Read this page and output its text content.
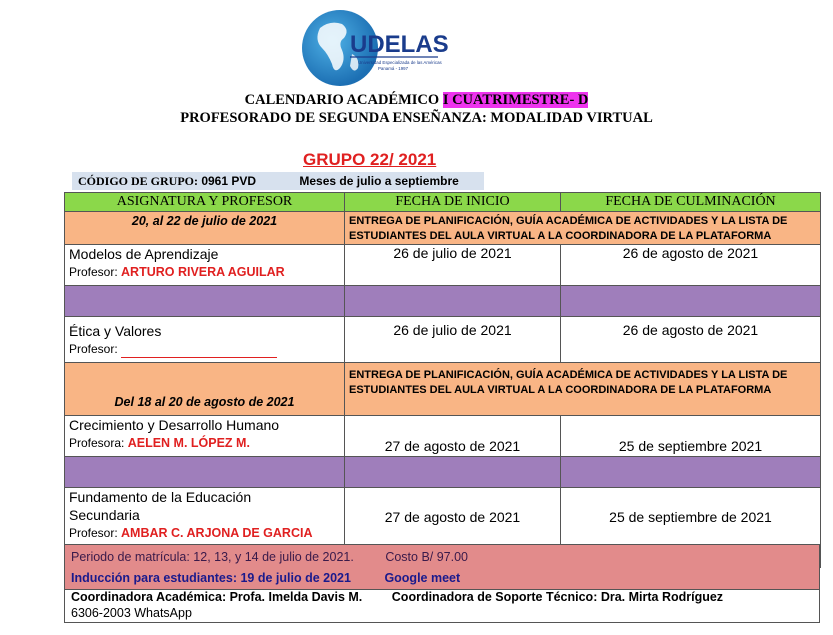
UDELAS
Universidad Especializada de las Américas
Panamá - 1997
CALENDARIO ACADÉMICO I CUATRIMESTRE- D
PROFESORADO DE SEGUNDA ENSEÑANZA: MODALIDAD VIRTUAL
GRUPO 22/ 2021
CÓDIGO DE GRUPO: 0961 PVD	Meses de julio a septiembre
ASIGNATURA Y PROFESOR	FECHA DE INICIO	FECHA DE CULMINACIÓN
20, al 22 de julio de 2021	ENTREGA DE PLANIFICACIÓN, GUÍA ACADÉMICA DE ACTIVIDADES Y LA LISTA DE ESTUDIANTES DEL AULA VIRTUAL A LA COORDINADORA DE LA PLATAFORMA	

Modelos de Aprendizaje
Profesor: ARTURO RIVERA AGUILAR	26 de julio de 2021	26 de agosto de 2021

Ética y Valores
Profesor:	26 de julio de 2021	26 de agosto de 2021
Del 18 al 20 de agosto de 2021	ENTREGA DE PLANIFICACIÓN, GUÍA ACADÉMICA DE ACTIVIDADES Y LA LISTA DE ESTUDIANTES DEL AULA VIRTUAL A LA COORDINADORA DE LA PLATAFORMA	

Crecimiento y Desarrollo Humano
Profesora: AELEN M. LÓPEZ M.	27 de agosto de 2021	25 de septiembre 2021

Fundamento de la Educación
Secundaria
Profesor: AMBAR C. ARJONA DE GARCIA	27 de agosto de 2021	25 de septiembre de 2021

Periodo de matrícula: 12, 13, y 14 de julio de 2021.	Costo B/ 97.00
Inducción para estudiantes: 19 de julio de 2021	Google meet
Coordinadora Académica: Profa. Imelda Davis M. Coordinadora de Soporte Técnico: Dra. Mirta Rodríguez
6306-2003 WhatsApp
